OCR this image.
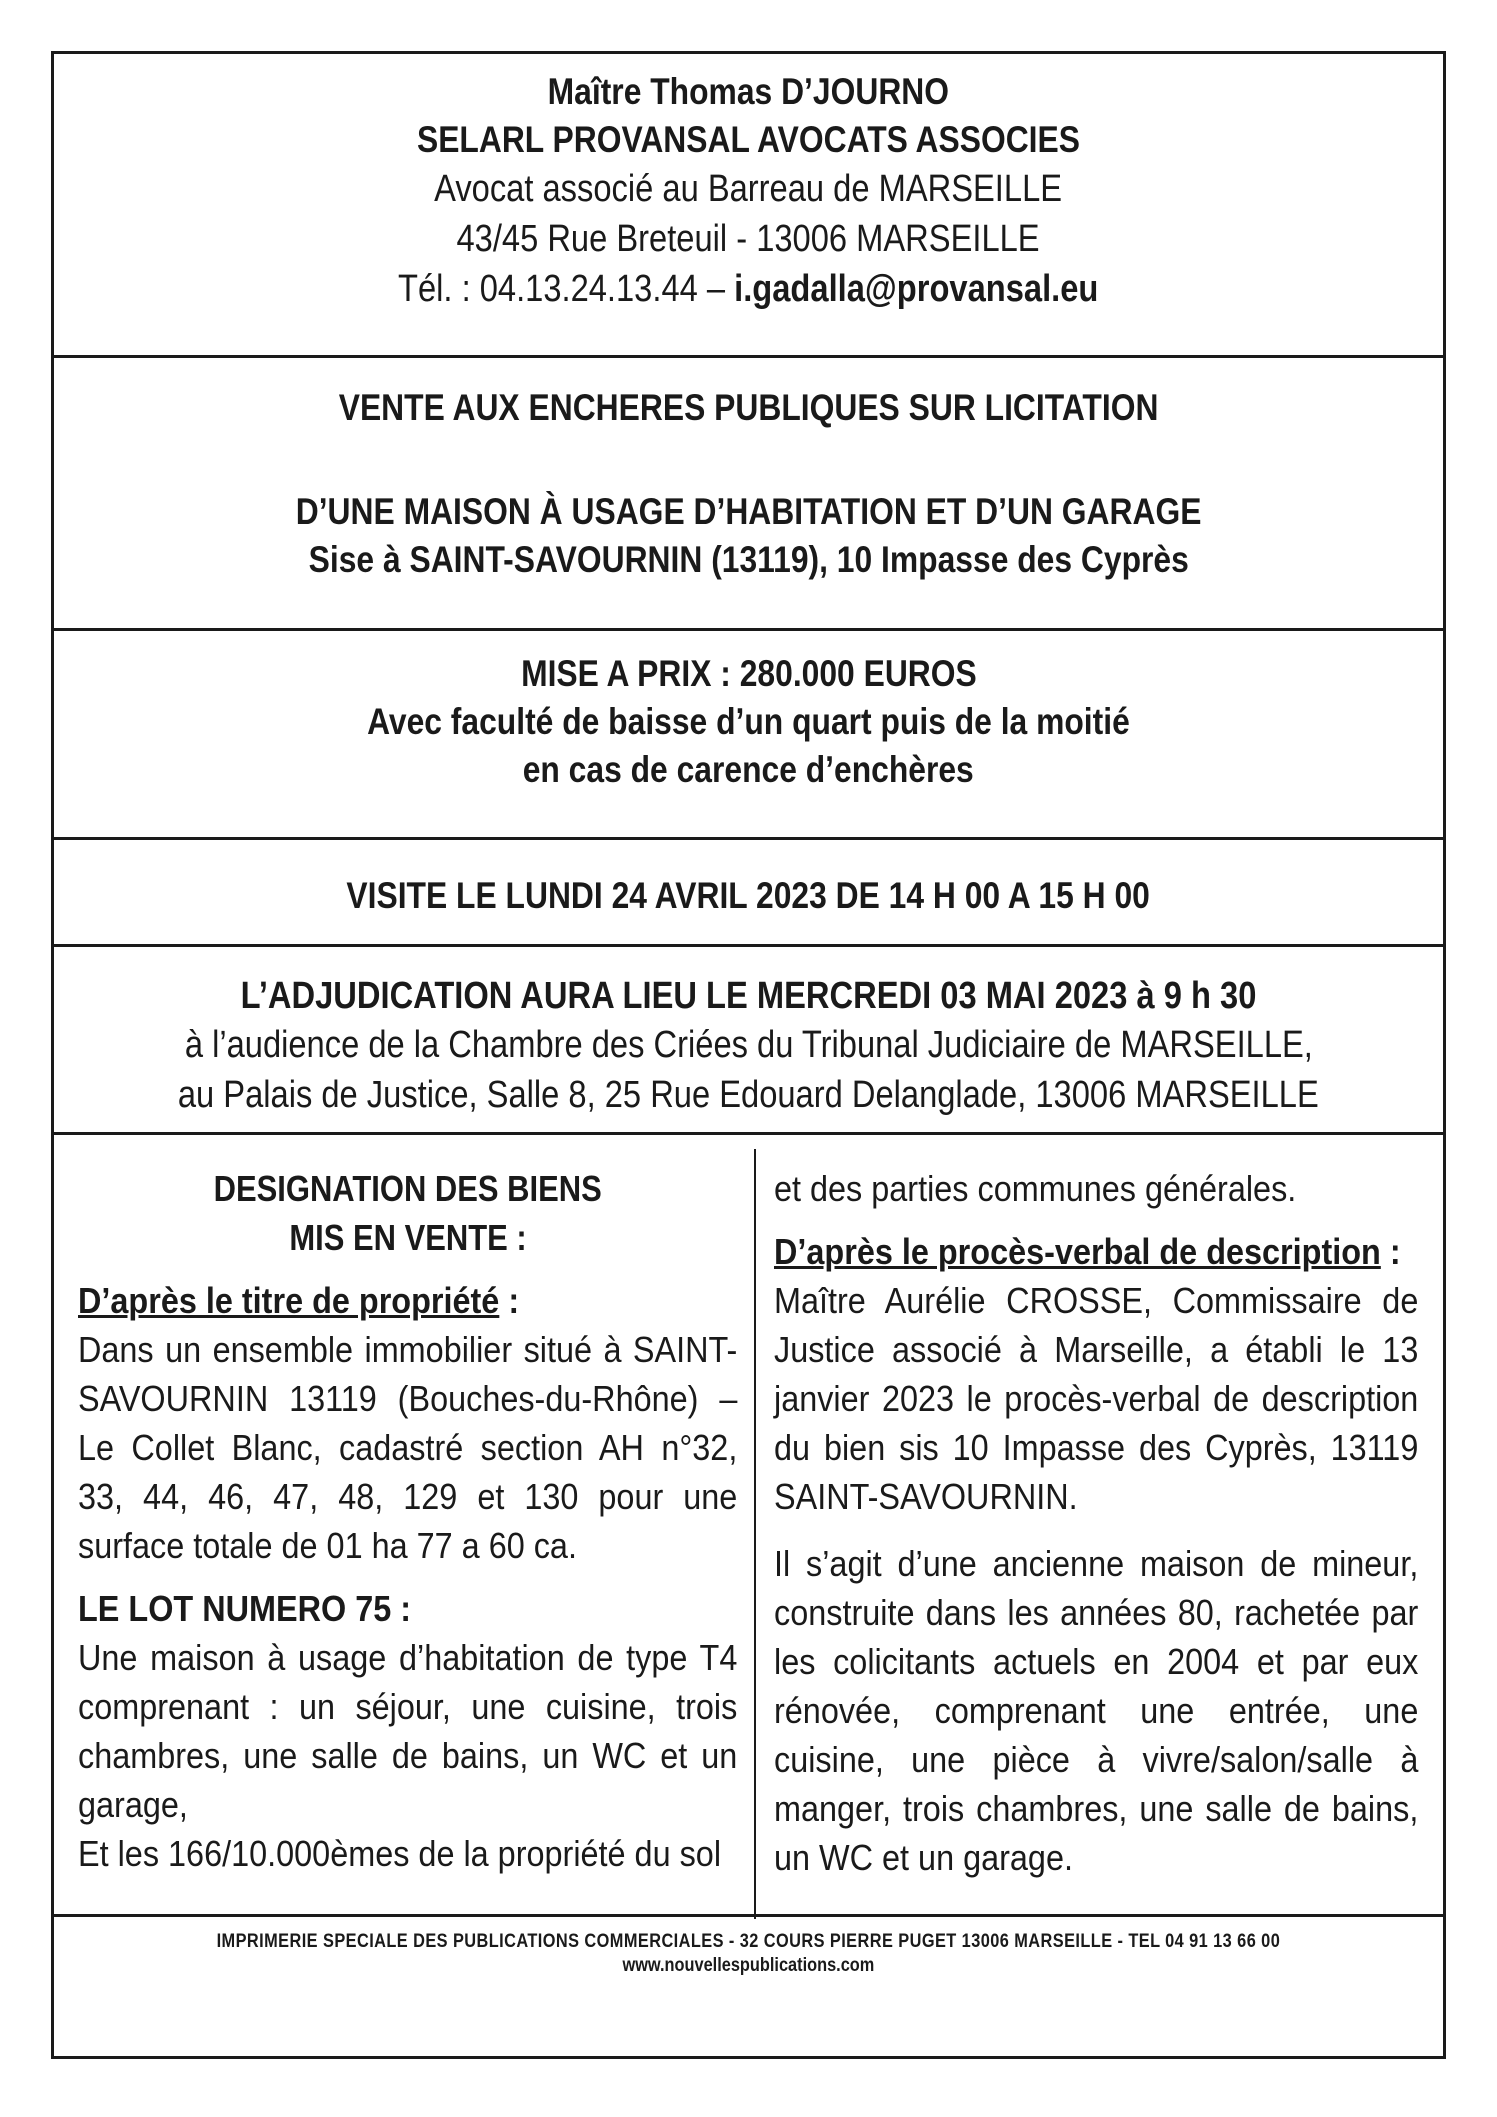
Maître Thomas D’JOURNO
SELARL PROVANSAL AVOCATS ASSOCIES
Avocat associé au Barreau de MARSEILLE
43/45 Rue Breteuil - 13006 MARSEILLE
Tél. : 04.13.24.13.44 – i.gadalla@provansal.eu
VENTE AUX ENCHERES PUBLIQUES SUR LICITATION
D’UNE MAISON À USAGE D’HABITATION ET D’UN GARAGE
Sise à SAINT-SAVOURNIN (13119), 10 Impasse des Cyprès
MISE A PRIX : 280.000 EUROS
Avec faculté de baisse d’un quart puis de la moitié
en cas de carence d’enchères
VISITE LE LUNDI 24 AVRIL 2023 DE 14 H 00 A 15 H 00
L’ADJUDICATION AURA LIEU LE MERCREDI 03 MAI 2023 à 9 h 30
à l’audience de la Chambre des Criées du Tribunal Judiciaire de MARSEILLE,
au Palais de Justice, Salle 8, 25 Rue Edouard Delanglade, 13006 MARSEILLE
DESIGNATION DES BIENS
MIS EN VENTE :

D’après le titre de propriété :

Dans un ensemble immobilier situé à SAINT-SAVOURNIN 13119 (Bouches-du-Rhône) – Le Collet Blanc, cadastré section AH n°32, 33, 44, 46, 47, 48, 129 et 130 pour une surface totale de 01 ha 77 a 60 ca.

LE LOT NUMERO 75 :

Une maison à usage d’habitation de type T4 comprenant : un séjour, une cuisine, trois chambres, une salle de bains, un WC et un garage,

Et les 166/10.000èmes de la propriété du sol

et des parties communes générales.

D’après le procès-verbal de description :

Maître Aurélie CROSSE, Commissaire de Justice associé à Marseille, a établi le 13 janvier 2023 le procès-verbal de description du bien sis 10 Impasse des Cyprès, 13119 SAINT-SAVOURNIN.

Il s’agit d’une ancienne maison de mineur, construite dans les années 80, rachetée par les colicitants actuels en 2004 et par eux rénovée, comprenant une entrée, une cuisine, une pièce à vivre/salon/salle à manger, trois chambres, une salle de bains, un WC et un garage.

IMPRIMERIE SPECIALE DES PUBLICATIONS COMMERCIALES - 32 COURS PIERRE PUGET 13006 MARSEILLE - TEL 04 91 13 66 00
www.nouvellespublications.com
